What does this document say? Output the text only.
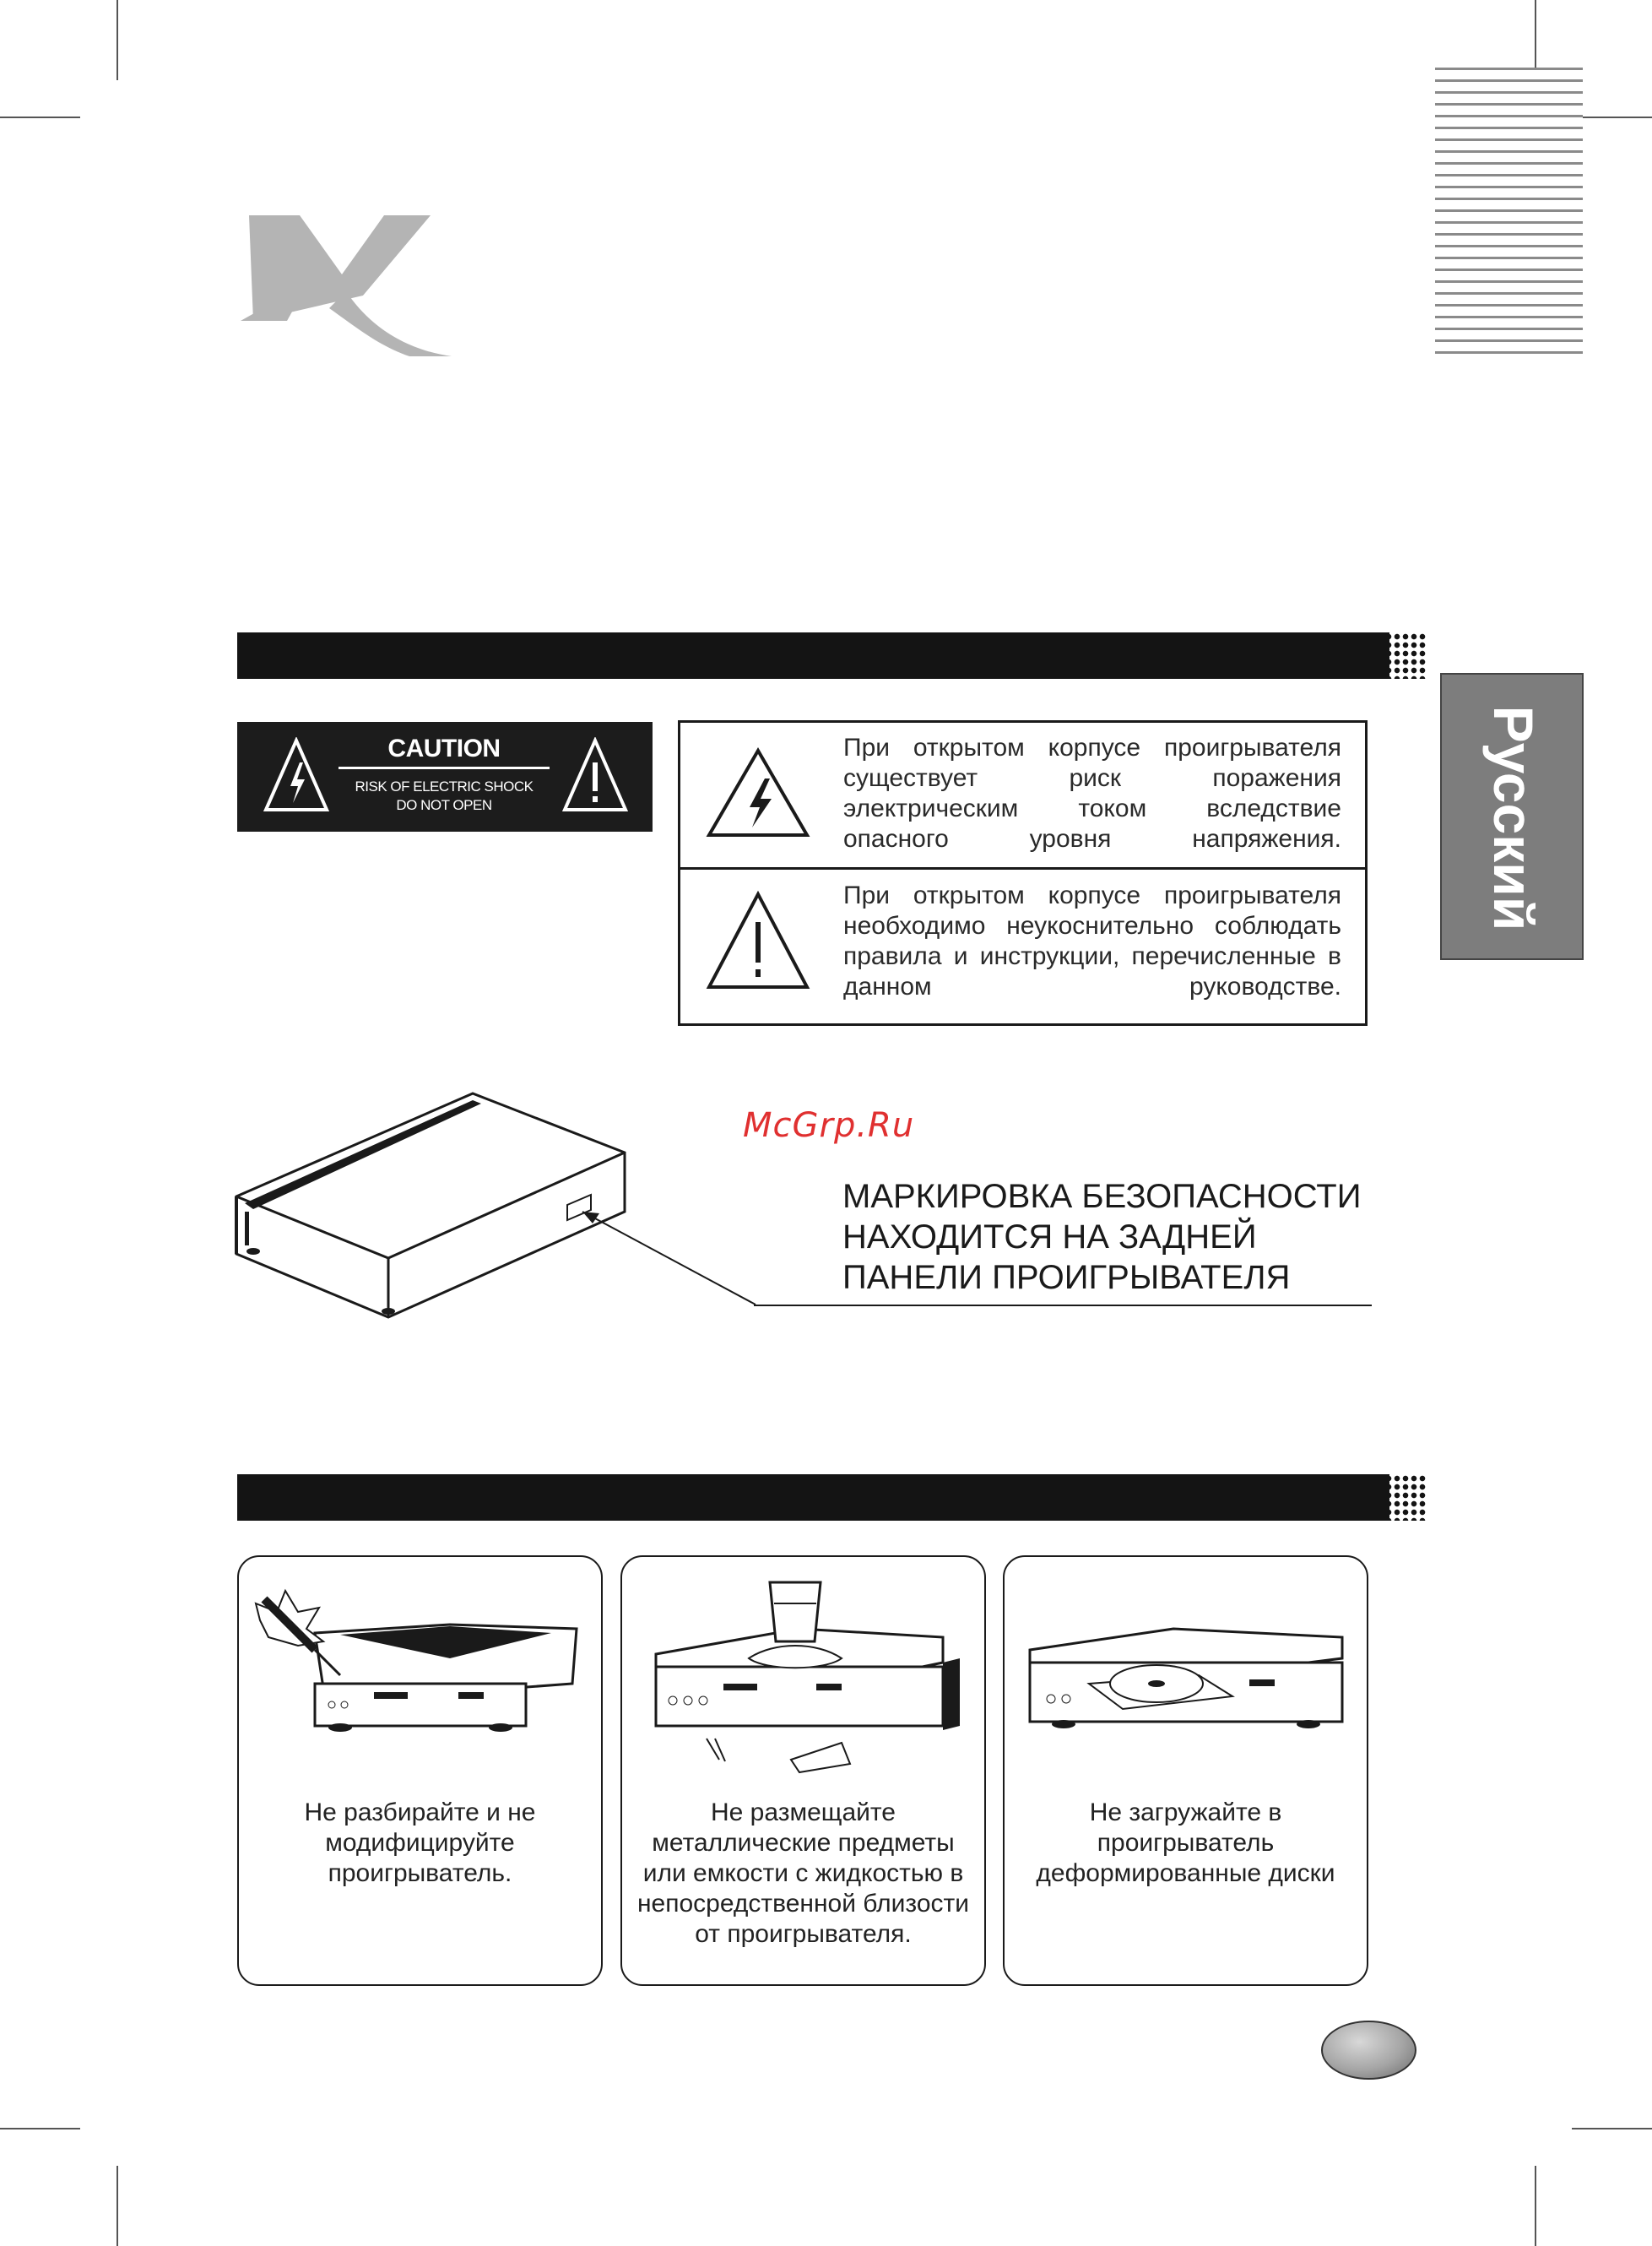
Русский
CAUTION
RISK OF ELECTRIC SHOCK
DO NOT OPEN
При открытом корпусе проигрывателя существует риск поражения электрическим током вследствие опасного уровня напряжения.
При открытом корпусе проигрывателя необходимо неукоснительно соблюдать правила и инструкции, перечисленные в данном руководстве.
McGrp.Ru
МАРКИРОВКА БЕЗОПАСНОСТИ
НАХОДИТСЯ НА ЗАДНЕЙ
ПАНЕЛИ ПРОИГРЫВАТЕЛЯ
Не разбирайте и не модифицируйте проигрыватель.
Не размещайте металлические предметы или емкости с жидкостью в непосредственной близости от проигрывателя.
Не загружайте в проигрыватель деформированные диски
